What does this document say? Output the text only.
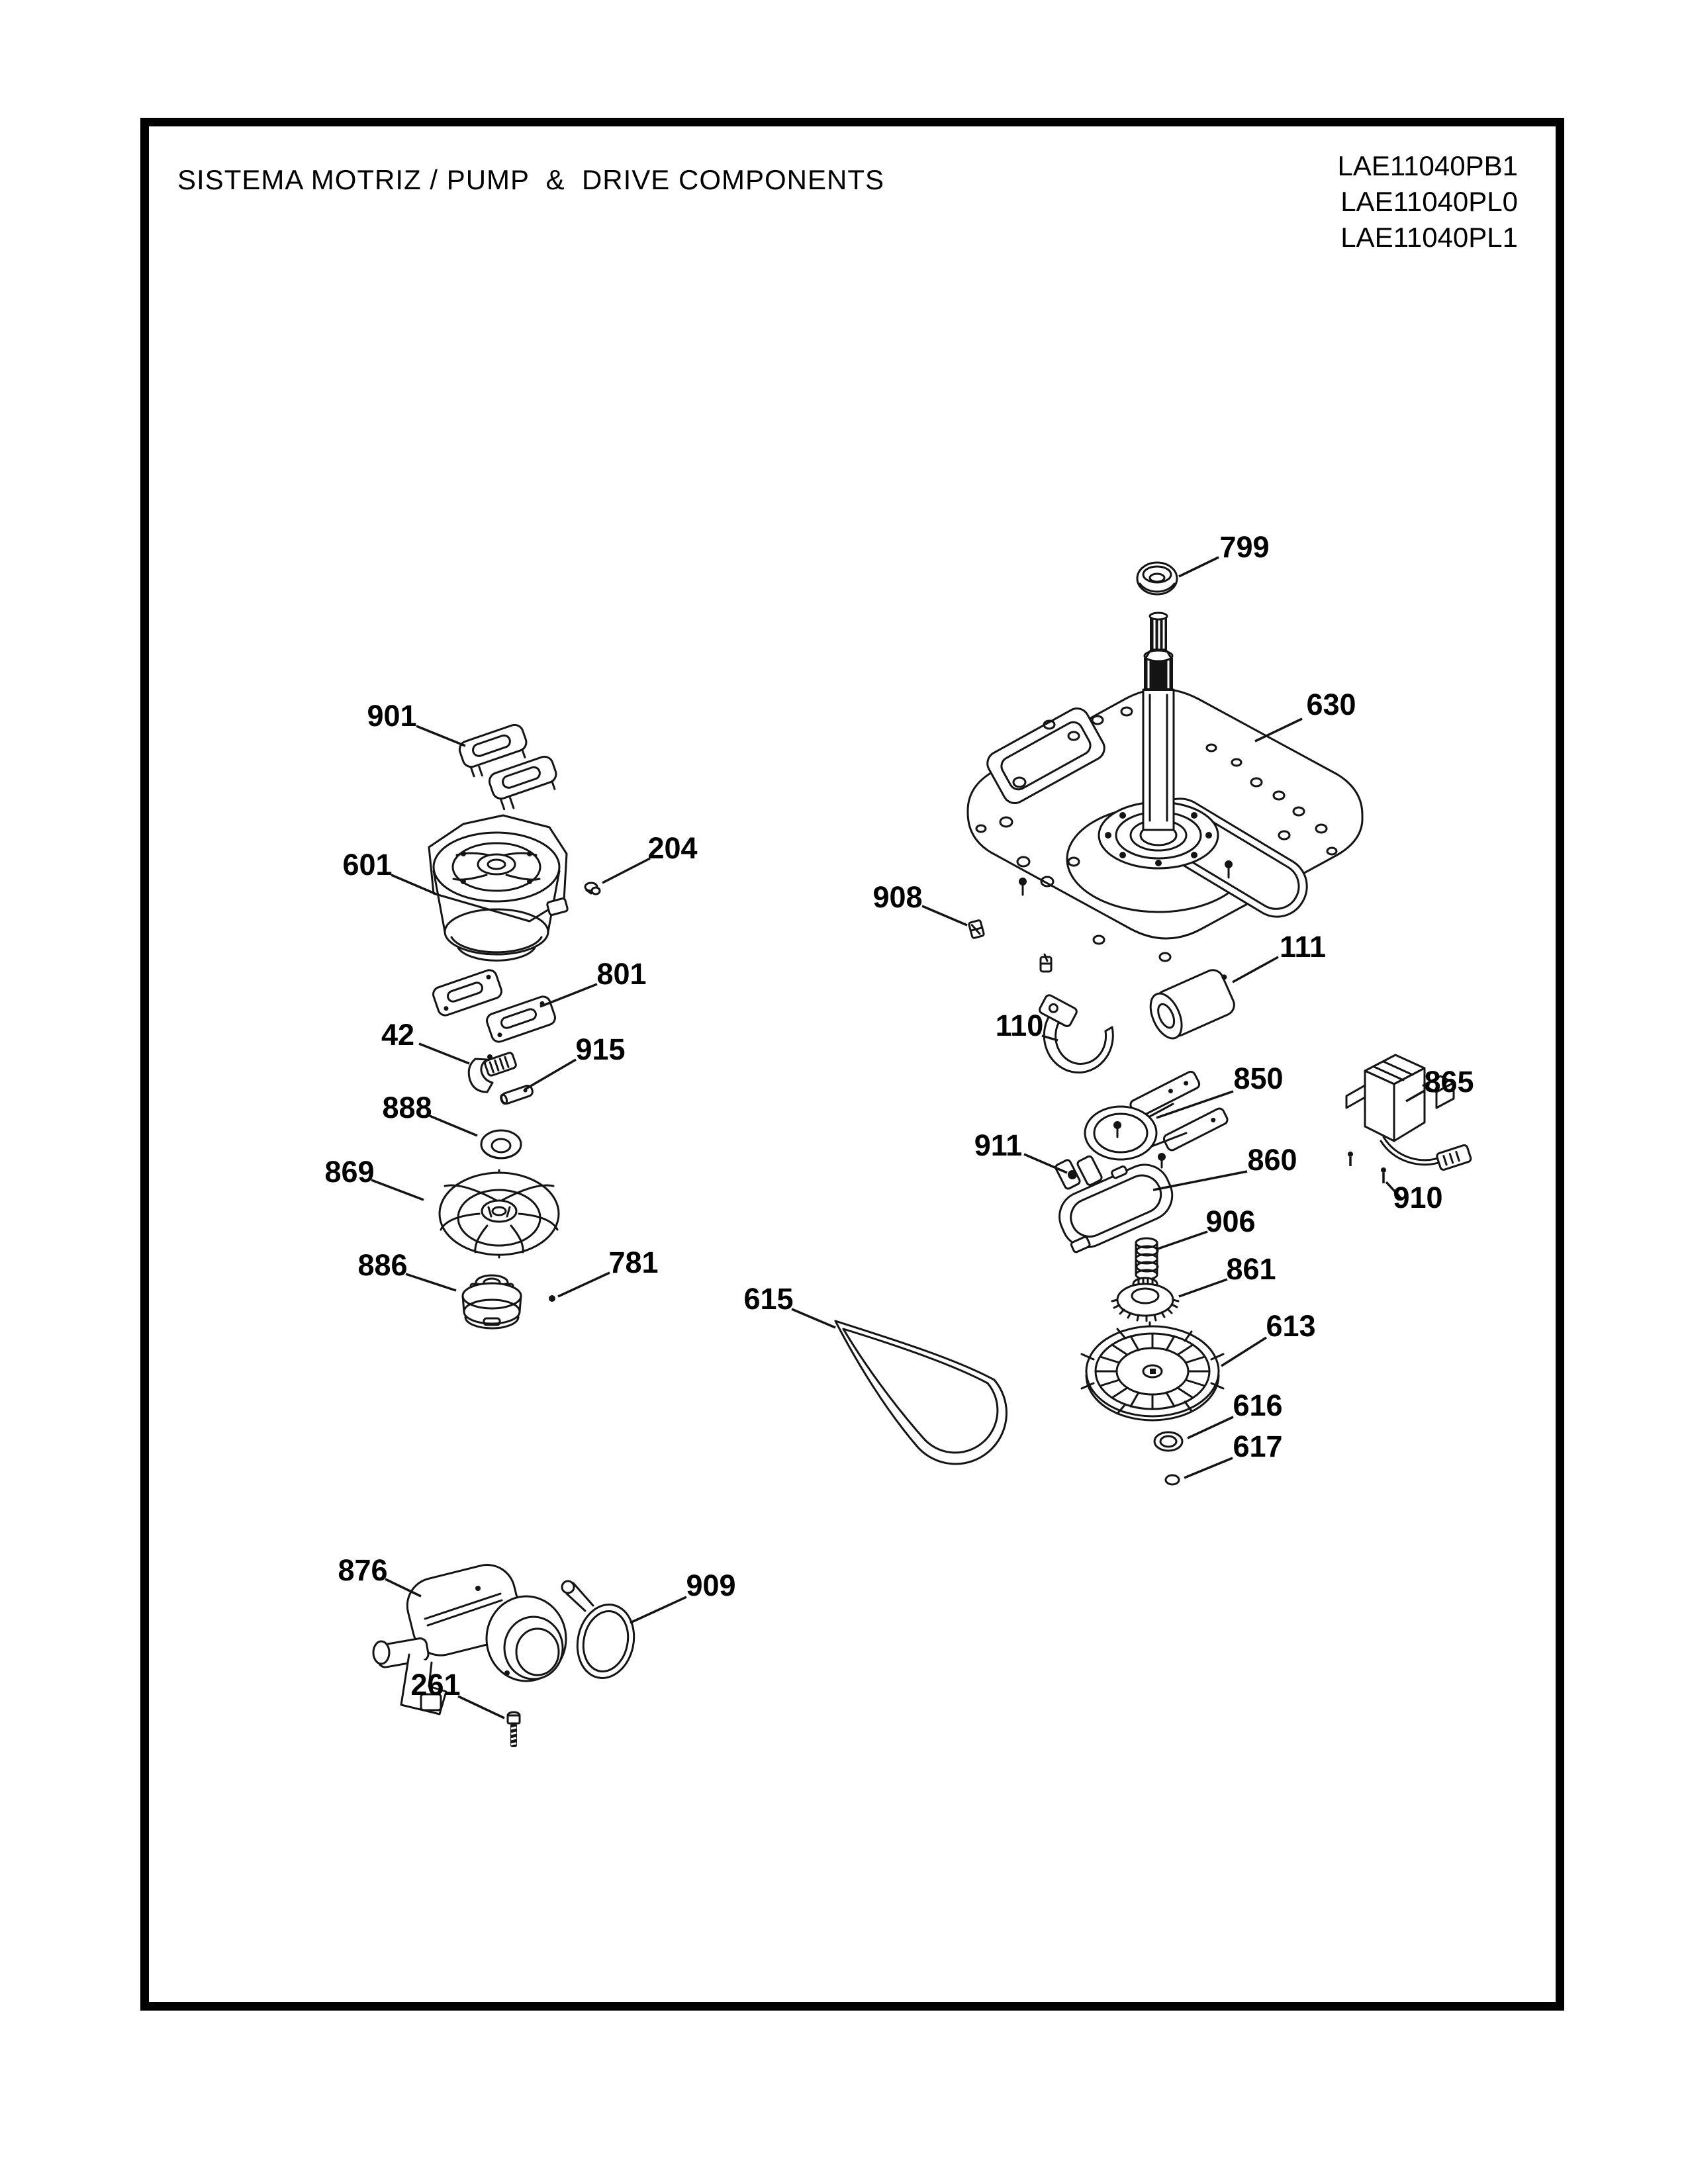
SISTEMA MOTRIZ / PUMP  &  DRIVE COMPONENTS	LAE11040PB1
LAE11040PL0
LAE11040PL1
799
630
901
601	204
908
111
801
110
42	915
850	865
888
911	860
869
910
906
886	781	861
615
613
616
617
876	909
261
